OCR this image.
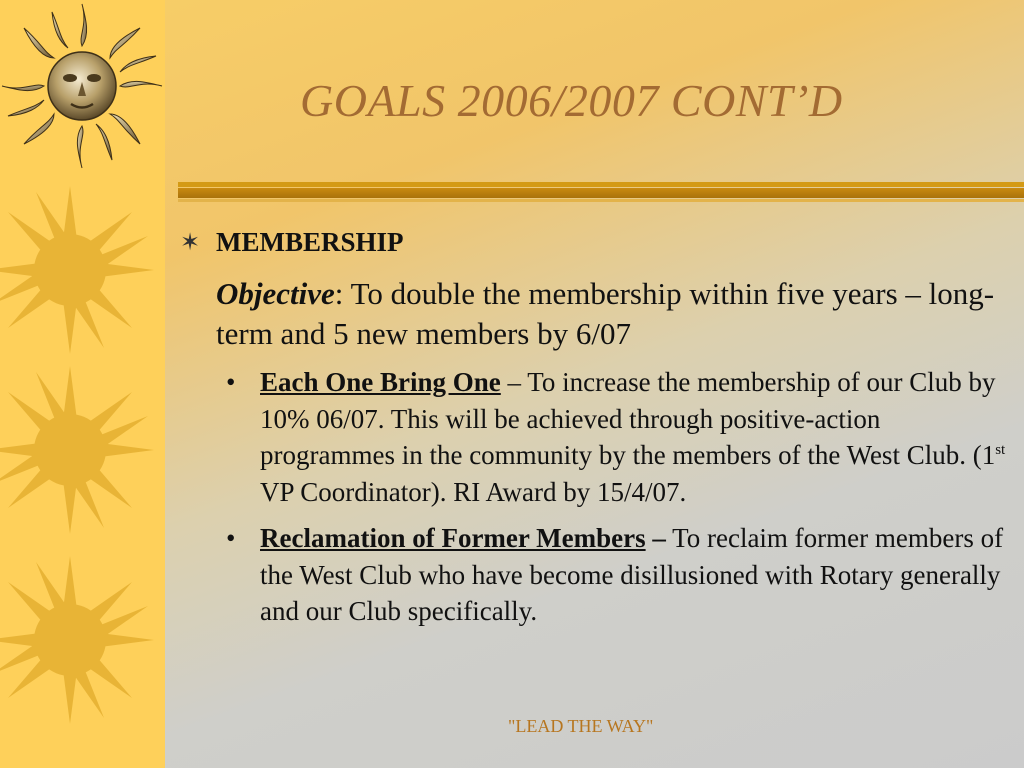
GOALS 2006/2007 CONT’D
✶ MEMBERSHIP
Objective: To double the membership within five years – long-term and 5 new members by 6/07
• Each One Bring One – To increase the membership of our Club by 10% 06/07. This will be achieved through positive-action programmes in the community by the members of the West Club. (1st VP Coordinator). RI Award by 15/4/07.
• Reclamation of Former Members – To reclaim former members of the West Club who have become disillusioned with Rotary generally and our Club specifically.
"LEAD THE WAY"
